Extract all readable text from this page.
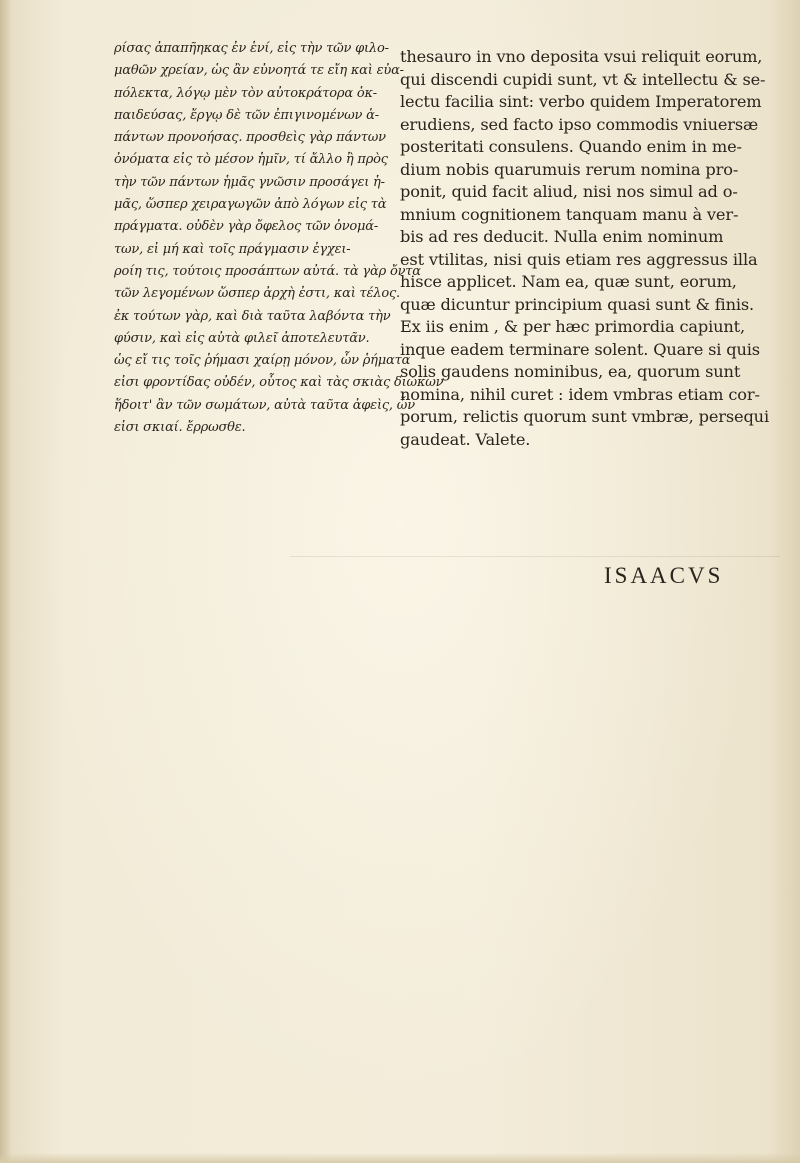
ρίσας ἀπαπῆηκας ἐν ἑνί, εἰς τὴν τῶν φιλο-
μαθῶν χρείαν, ὡς ἂν εὐνοητά τε εἴη καὶ εὐα-
πόλεκτα, λόγῳ μὲν τὸν αὐτοκράτορα ὁκ-
παιδεύσας, ἔργῳ δὲ τῶν ἐπιγινομένων ἁ-
πάντων προνοήσας. προσθεὶς γὰρ πάντων
ὀνόματα εἰς τὸ μέσον ἡμῖν, τί ἄλλο ἢ πρὸς
τὴν τῶν πάντων ἡμᾶς γνῶσιν προσάγει ἡ-
μᾶς, ὥσπερ χειραγωγῶν ἀπὸ λόγων εἰς τὰ
πράγματα. οὐδὲν γὰρ ὄφελος τῶν ὀνομά-
των, εἰ μή καὶ τοῖς πράγμασιν ἐγχει-
ροίη τις, τούτοις προσάπτων αὐτά. τὰ γὰρ ὄντα
τῶν λεγομένων ὥσπερ ἀρχὴ ἐστι, καὶ τέλος.
ἐκ τούτων γὰρ, καὶ διὰ ταῦτα λαβόντα τὴν
φύσιν, καὶ εἰς αὐτὰ φιλεῖ ἀποτελευτᾶν.
ὡς εἴ τις τοῖς ῥήμασι χαίρῃ μόνον, ὧν ῥήματα
εἰσι φροντίδας οὐδέν, οὗτος καὶ τὰς σκιὰς διώκων
ἥδοιτ' ἂν τῶν σωμάτων, αὐτὰ ταῦτα ἀφεὶς, ὧν
εἰσι σκιαί. ἔρρωσθε.
thesauro in vno deposita vsui reliquit eorum,
qui discendi cupidi sunt, vt & intellectu & se-
lectu facilia sint: verbo quidem Imperatorem
erudiens, sed facto ipso commodis vniuersæ
posteritati consulens. Quando enim in me-
dium nobis quarumuis rerum nomina pro-
ponit, quid facit aliud, nisi nos simul ad o-
mnium cognitionem tanquam manu à ver-
bis ad res deducit. Nulla enim nominum
est vtilitas, nisi quis etiam res aggressus illa
hisce applicet. Nam ea, quæ sunt, eorum,
quæ dicuntur principium quasi sunt & finis.
Ex iis enim , & per hæc primordia capiunt,
inque eadem terminare solent. Quare si quis
solis gaudens nominibus, ea, quorum sunt
nomina, nihil curet : idem vmbras etiam cor-
porum, relictis quorum sunt vmbræ, persequi
gaudeat. Valete.
ISAACVS
